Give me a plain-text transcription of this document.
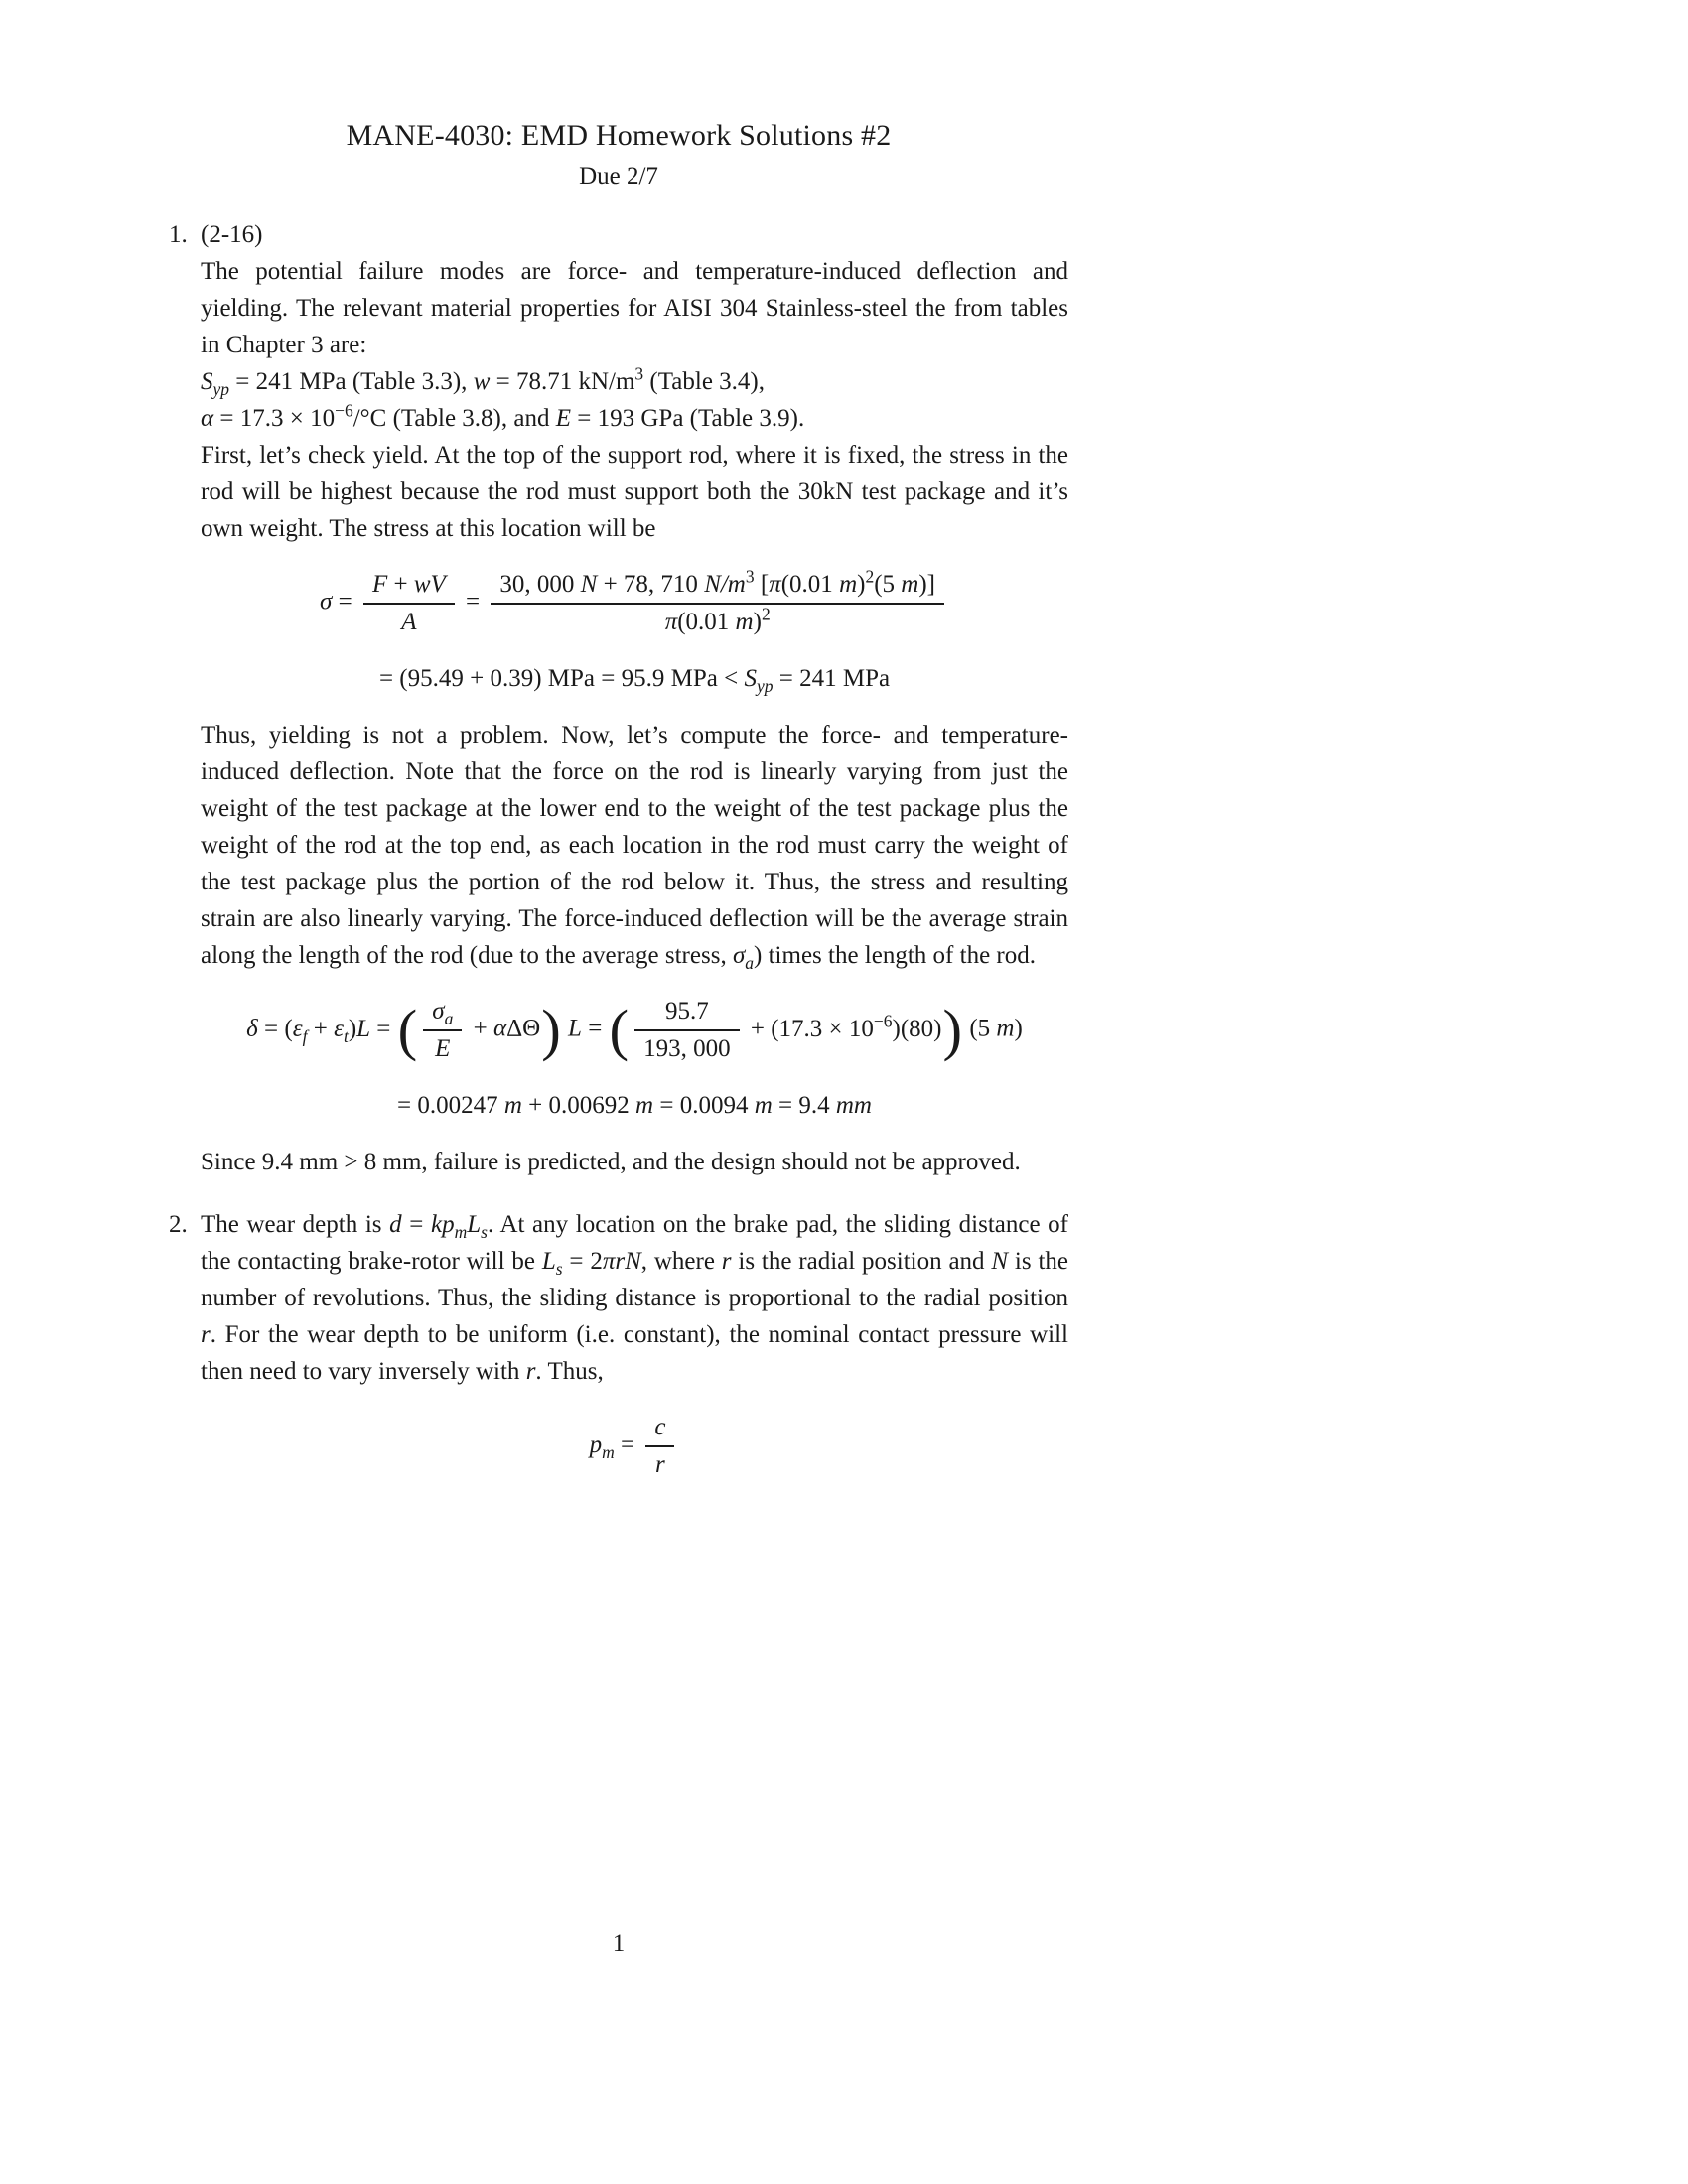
MANE-4030: EMD Homework Solutions #2
Due 2/7
1. (2-16)

The potential failure modes are force- and temperature-induced deflection and yielding. The relevant material properties for AISI 304 Stainless-steel the from tables in Chapter 3 are:

$S_{yp} = 241$ MPa (Table 3.3), w = 78.71 $kN/m^3$ (Table 3.4),

$\alpha = 17.3 \times 10^{-6}/^\circ C$ (Table 3.8), and E = 193 GPa (Table 3.9).

First, let’s check yield. At the top of the support rod, where it is fixed, the stress in the rod will be highest because the rod must support both the 30kN test package and it’s own weight. The stress at this location will be

$\sigma = \frac{F + wV}{A} = \frac{30, 000 N + 78, 710 N/m^3 [\pi(0.01 m)^2(5 m)]}{\pi(0.01 m)^2}$
= (95.49 + 0.39) MPa = 95.9 MPa < $S_{yp} = 241$ MPa

Thus, yielding is not a problem. Now, let’s compute the force- and temperature-induced deflection. Note that the force on the rod is linearly varying from just the weight of the test package at the lower end to the weight of the test package plus the weight of the rod at the top end, as each location in the rod must carry the weight of the test package plus the portion of the rod below it. Thus, the stress and resulting strain are also linearly varying. The force-induced deflection will be the average strain along the length of the rod (due to the average stress, $\sigma_a$) times the length of the rod.

$\delta = (\varepsilon_f + \varepsilon_t)L$ = ( $\frac{\sigma_a}{E} + \alpha\Delta\Theta$) L = ( $\frac{95.7}{193, 000} + (17.3 \times 10^{-6})(80)$) (5 m)
= 0.00247 m + 0.00692 m = 0.0094 m = 9.4 mm

Since 9.4 mm > 8 mm, failure is predicted, and the design should not be approved.

2. The wear depth is $d = kp_mL_s$. At any location on the brake pad, the sliding distance of the contacting brake-rotor will be $L_s = 2\pi rN$, where r is the radial position and N is the number of revolutions. Thus, the sliding distance is proportional to the radial position r. For the wear depth to be uniform (i.e. constant), the nominal contact pressure will then need to vary inversely with r. Thus,

$p_m = \frac{c}{r}$
1
